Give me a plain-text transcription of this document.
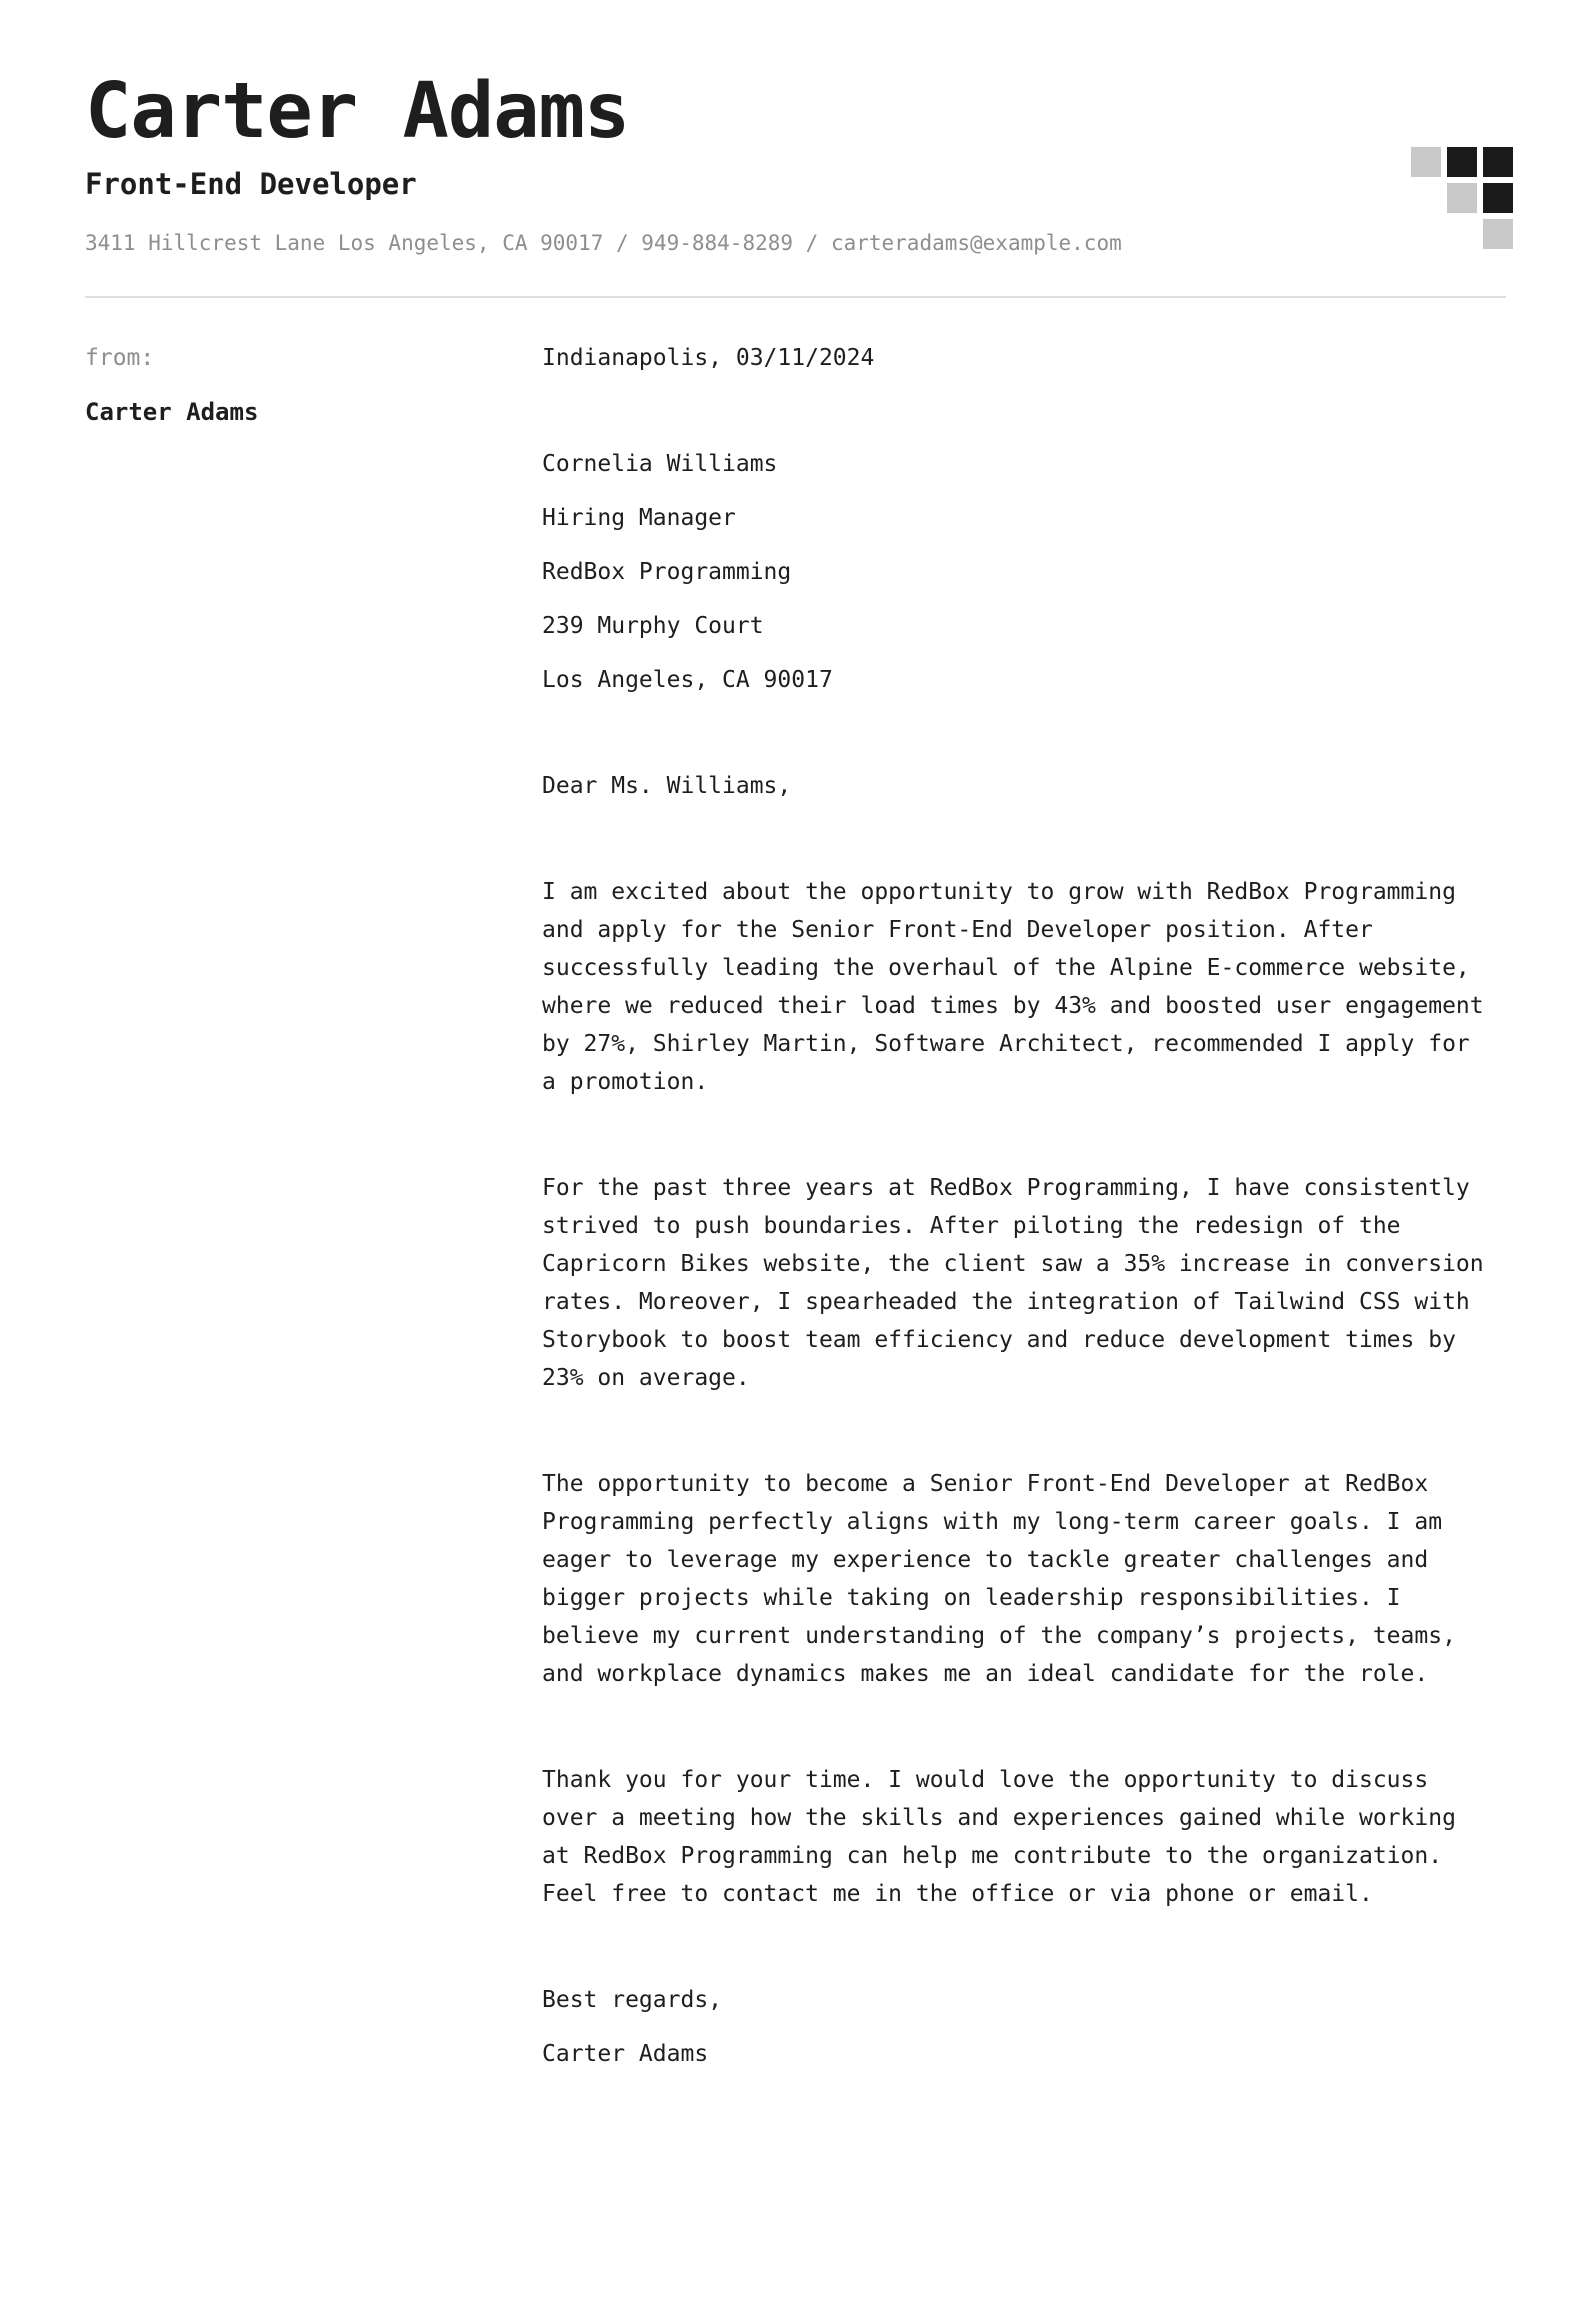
Carter Adams
Front-End Developer
3411 Hillcrest Lane Los Angeles, CA 90017 / 949-884-8289 / carteradams@example.com

from:

Carter Adams

Indianapolis, 03/11/2024

Cornelia Williams

Hiring Manager

RedBox Programming

239 Murphy Court

Los Angeles, CA 90017

Dear Ms. Williams,

I am excited about the opportunity to grow with RedBox Programming and apply for the Senior Front-End Developer position. After successfully leading the overhaul of the Alpine E-commerce website, where we reduced their load times by 43% and boosted user engagement by 27%, Shirley Martin, Software Architect, recommended I apply for a promotion.

For the past three years at RedBox Programming, I have consistently strived to push boundaries. After piloting the redesign of the Capricorn Bikes website, the client saw a 35% increase in conversion rates. Moreover, I spearheaded the integration of Tailwind CSS with Storybook to boost team efficiency and reduce development times by 23% on average.

The opportunity to become a Senior Front-End Developer at RedBox Programming perfectly aligns with my long-term career goals. I am eager to leverage my experience to tackle greater challenges and bigger projects while taking on leadership responsibilities. I believe my current understanding of the company’s projects, teams, and workplace dynamics makes me an ideal candidate for the role.

Thank you for your time. I would love the opportunity to discuss over a meeting how the skills and experiences gained while working at RedBox Programming can help me contribute to the organization. Feel free to contact me in the office or via phone or email.

Best regards,

Carter Adams
